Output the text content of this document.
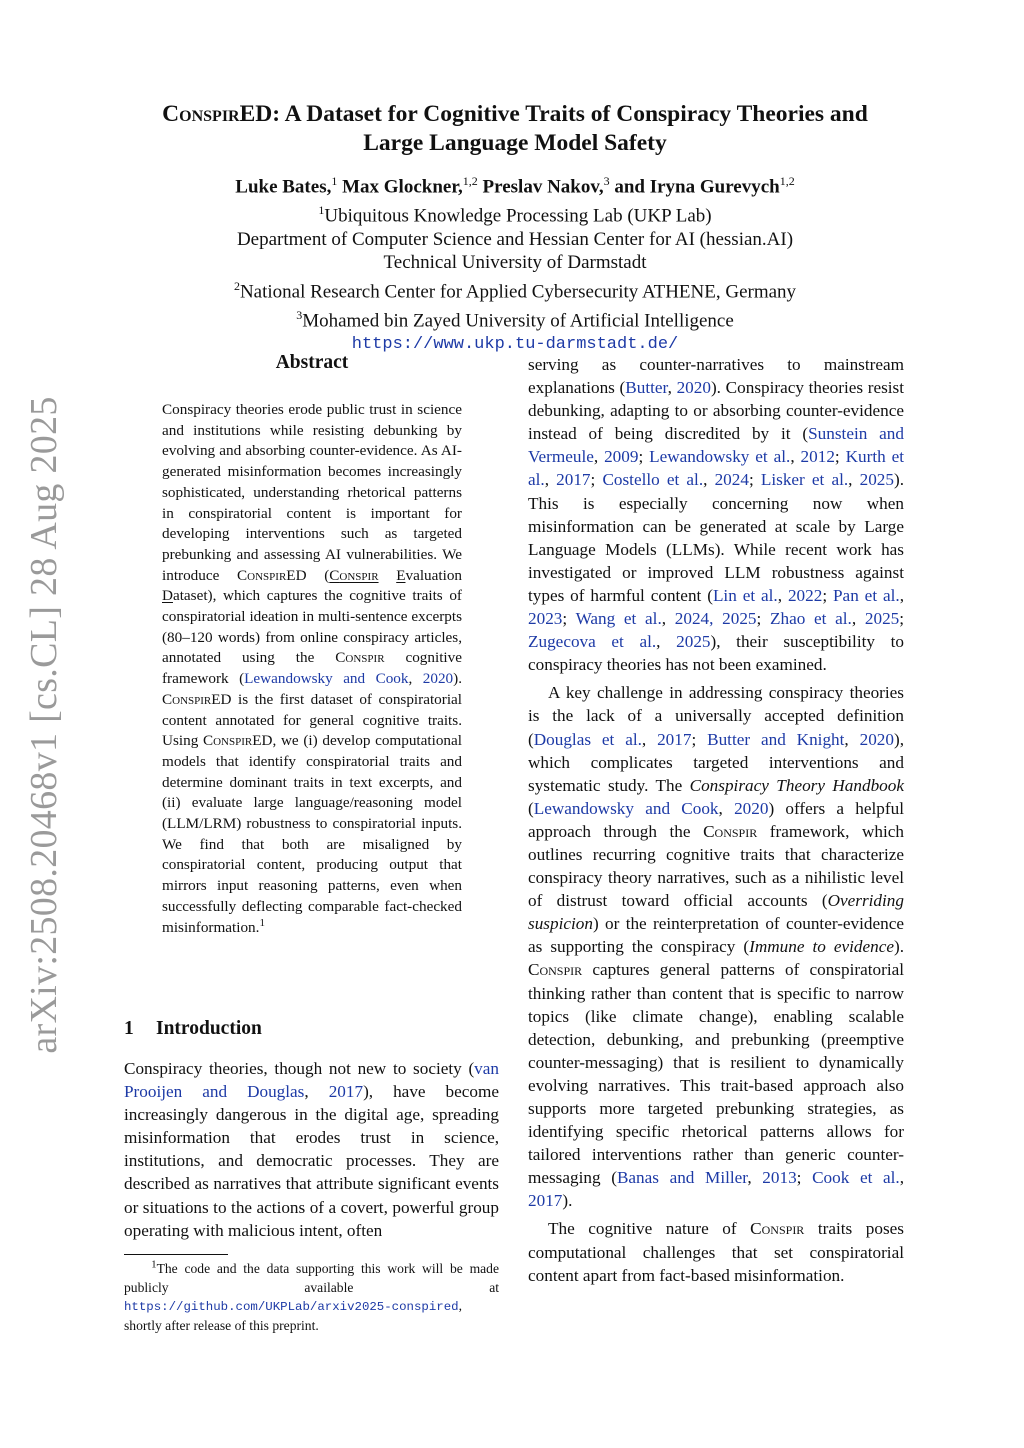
arXiv:2508.20468v1 [cs.CL] 28 Aug 2025
ConspirED: A Dataset for Cognitive Traits of Conspiracy Theories and
Large Language Model Safety
Luke Bates,$^1$ Max Glockner,$^{1,2}$ Preslav Nakov,$^3$ and Iryna Gurevych$^{1,2}$
$^1$Ubiquitous Knowledge Processing Lab (UKP Lab)
Department of Computer Science and Hessian Center for AI (hessian.AI)
Technical University of Darmstadt
$^2$National Research Center for Applied Cybersecurity ATHENE, Germany
$^3$Mohamed bin Zayed University of Artificial Intelligence
https://www.ukp.tu-darmstadt.de/
Abstract
Conspiracy theories erode public trust in science and institutions while resisting debunking by evolving and absorbing counter-evidence. As AI-generated misinformation becomes increasingly sophisticated, understanding rhetorical patterns in conspiratorial content is important for developing interventions such as targeted prebunking and assessing AI vulnerabilities. We introduce ConspirED (Conspir Evaluation Dataset), which captures the cognitive traits of conspiratorial ideation in multi-sentence excerpts (80–120 words) from online conspiracy articles, annotated using the Conspir cognitive framework (Lewandowsky and Cook, 2020). ConspirED is the first dataset of conspiratorial content annotated for general cognitive traits. Using ConspirED, we (i) develop computational models that identify conspiratorial traits and determine dominant traits in text excerpts, and (ii) evaluate large language/reasoning model (LLM/LRM) robustness to conspiratorial inputs. We find that both are misaligned by conspiratorial content, producing output that mirrors input reasoning patterns, even when successfully deflecting comparable fact-checked misinformation.$^1$
1 Introduction

Conspiracy theories, though not new to society (van Prooijen and Douglas, 2017), have become increasingly dangerous in the digital age, spreading misinformation that erodes trust in science, institutions, and democratic processes. They are described as narratives that attribute significant events or situations to the actions of a covert, powerful group operating with malicious intent, often

$^1$The code and the data supporting this work will be made publicly available at https://github.com/UKPLab/arxiv2025-conspired, shortly after release of this preprint.

serving as counter-narratives to mainstream explanations (Butter, 2020). Conspiracy theories resist debunking, adapting to or absorbing counter-evidence instead of being discredited by it (Sunstein and Vermeule, 2009; Lewandowsky et al., 2012; Kurth et al., 2017; Costello et al., 2024; Lisker et al., 2025). This is especially concerning now when misinformation can be generated at scale by Large Language Models (LLMs). While recent work has investigated or improved LLM robustness against types of harmful content (Lin et al., 2022; Pan et al., 2023; Wang et al., 2024, 2025; Zhao et al., 2025; Zugecova et al., 2025), their susceptibility to conspiracy theories has not been examined.

A key challenge in addressing conspiracy theories is the lack of a universally accepted definition (Douglas et al., 2017; Butter and Knight, 2020), which complicates targeted interventions and systematic study. The Conspiracy Theory Handbook (Lewandowsky and Cook, 2020) offers a helpful approach through the Conspir framework, which outlines recurring cognitive traits that characterize conspiracy theory narratives, such as a nihilistic level of distrust toward official accounts (Overriding suspicion) or the reinterpretation of counter-evidence as supporting the conspiracy (Immune to evidence). Conspir captures general patterns of conspiratorial thinking rather than content that is specific to narrow topics (like climate change), enabling scalable detection, debunking, and prebunking (preemptive counter-messaging) that is resilient to dynamically evolving narratives. This trait-based approach also supports more targeted prebunking strategies, as identifying specific rhetorical patterns allows for tailored interventions rather than generic counter-messaging (Banas and Miller, 2013; Cook et al., 2017).

The cognitive nature of Conspir traits poses computational challenges that set conspiratorial content apart from fact-based misinformation.
